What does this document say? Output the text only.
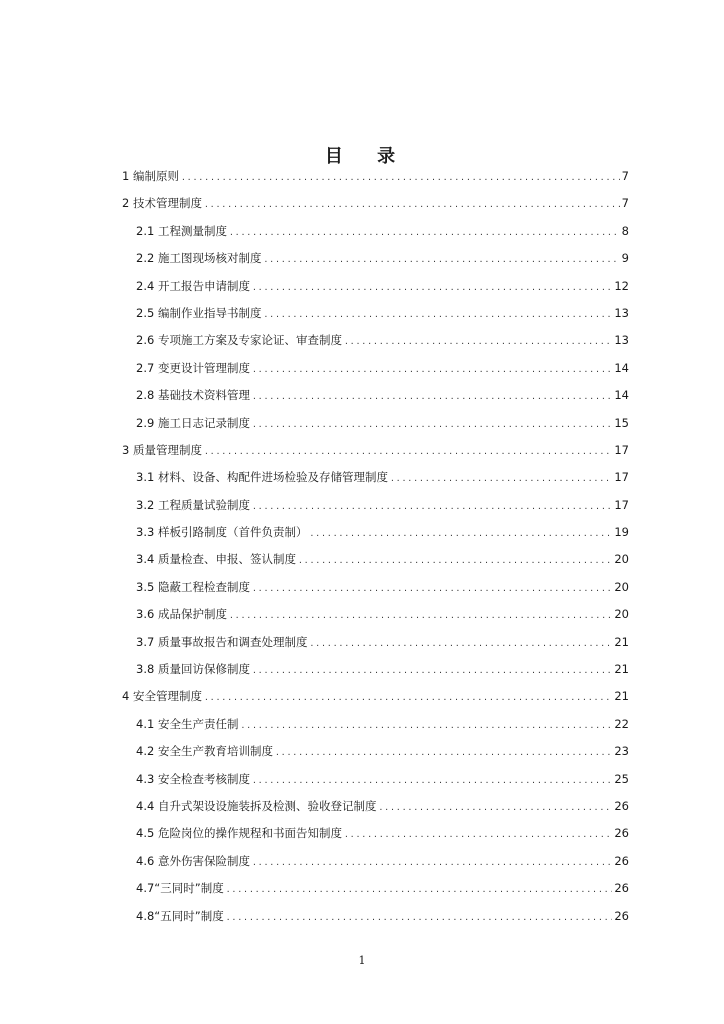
目 录
1 编制原则 .....	7
2 技术管理制度 .....	7
2.1 工程测量制度 .....	8
2.2 施工图现场核对制度 .....	9
2.4 开工报告申请制度 .....	12
2.5 编制作业指导书制度 .....	13
2.6 专项施工方案及专家论证、审查制度 .....	13
2.7 变更设计管理制度 .....	14
2.8 基础技术资料管理 .....	14
2.9 施工日志记录制度 .....	15
3 质量管理制度 .....	17
3.1 材料、设备、构配件进场检验及存储管理制度 .....	17
3.2 工程质量试验制度 .....	17
3.3 样板引路制度（首件负责制） .....	19
3.4 质量检查、申报、签认制度 .....	20
3.5 隐蔽工程检查制度 .....	20
3.6 成品保护制度 .....	20
3.7 质量事故报告和调查处理制度 .....	21
3.8 质量回访保修制度 .....	21
4 安全管理制度 .....	21
4.1 安全生产责任制 .....	22
4.2 安全生产教育培训制度 .....	23
4.3 安全检查考核制度 .....	25
4.4 自升式架设设施装拆及检测、验收登记制度 .....	26
4.5 危险岗位的操作规程和书面告知制度 .....	26
4.6 意外伤害保险制度 .....	26
4.7“三同时”制度 .....	26
4.8“五同时”制度 .....	26
1
